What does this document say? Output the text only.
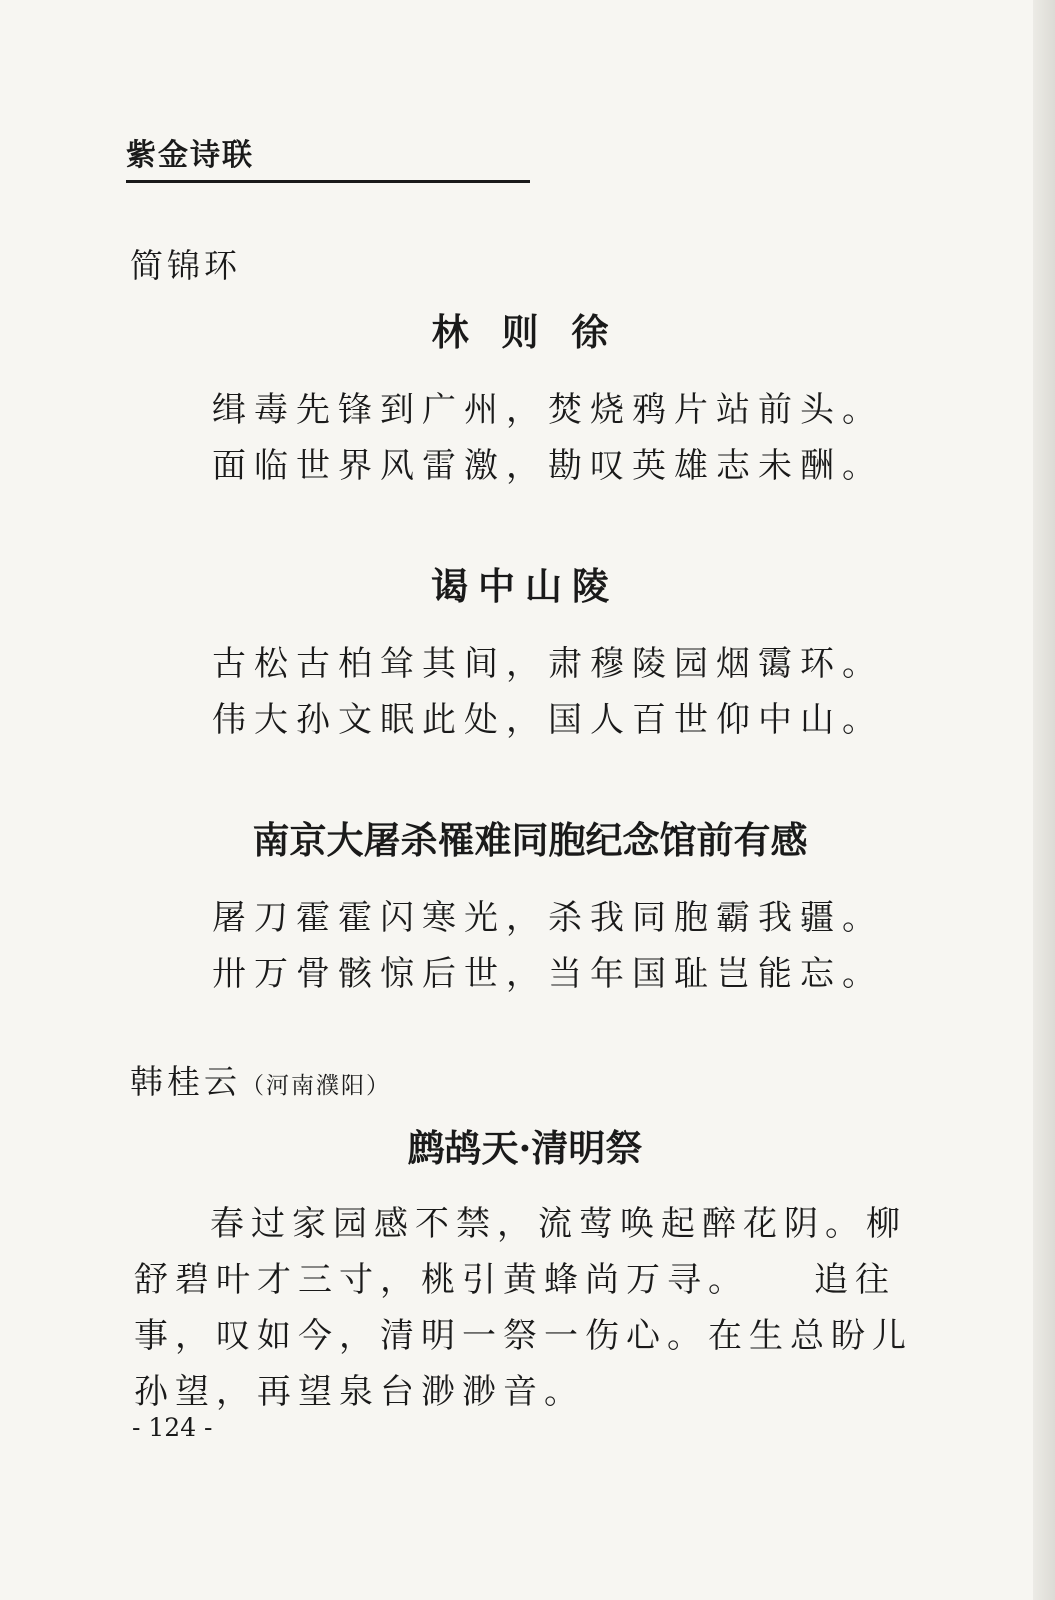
紫金诗联
简锦环
林 则 徐
缉毒先锋到广州，焚烧鸦片站前头。
面临世界风雷激，勘叹英雄志未酬。
谒中山陵
古松古柏耸其间，肃穆陵园烟霭环。
伟大孙文眠此处，国人百世仰中山。
南京大屠杀罹难同胞纪念馆前有感
屠刀霍霍闪寒光，杀我同胞霸我疆。
卅万骨骸惊后世，当年国耻岂能忘。
韩桂云（河南濮阳）
鹧鸪天·清明祭
春过家园感不禁，流莺唤起醉花阴。柳舒碧叶才三寸，桃引黄蜂尚万寻。　　追往事，叹如今，清明一祭一伤心。在生总盼儿孙望，再望泉台渺渺音。
- 124 -
